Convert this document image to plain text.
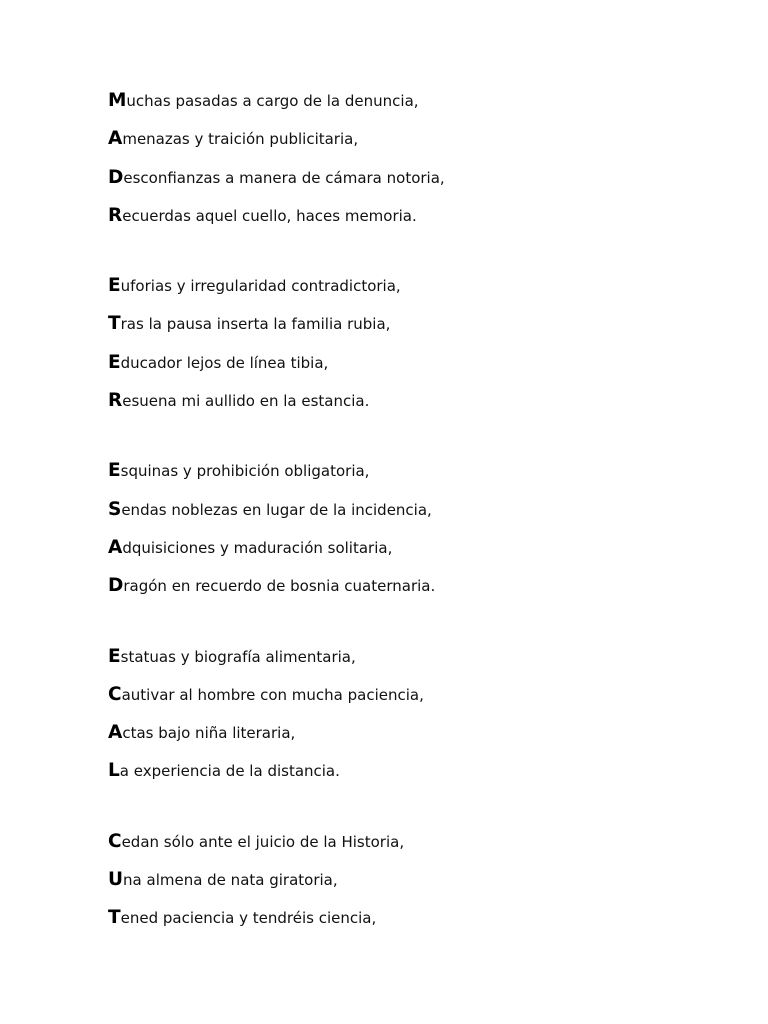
Muchas pasadas a cargo de la denuncia,
Amenazas y traición publicitaria,
Desconfianzas a manera de cámara notoria,
Recuerdas aquel cuello, haces memoria.
Euforias y irregularidad contradictoria,
Tras la pausa inserta la familia rubia,
Educador lejos de línea tibia,
Resuena mi aullido en la estancia.
Esquinas y prohibición obligatoria,
Sendas noblezas en lugar de la incidencia,
Adquisiciones y maduración solitaria,
Dragón en recuerdo de bosnia cuaternaria.
Estatuas y biografía alimentaria,
Cautivar al hombre con mucha paciencia,
Actas bajo niña literaria,
La experiencia de la distancia.
Cedan sólo ante el juicio de la Historia,
Una almena de nata giratoria,
Tened paciencia y tendréis ciencia,
